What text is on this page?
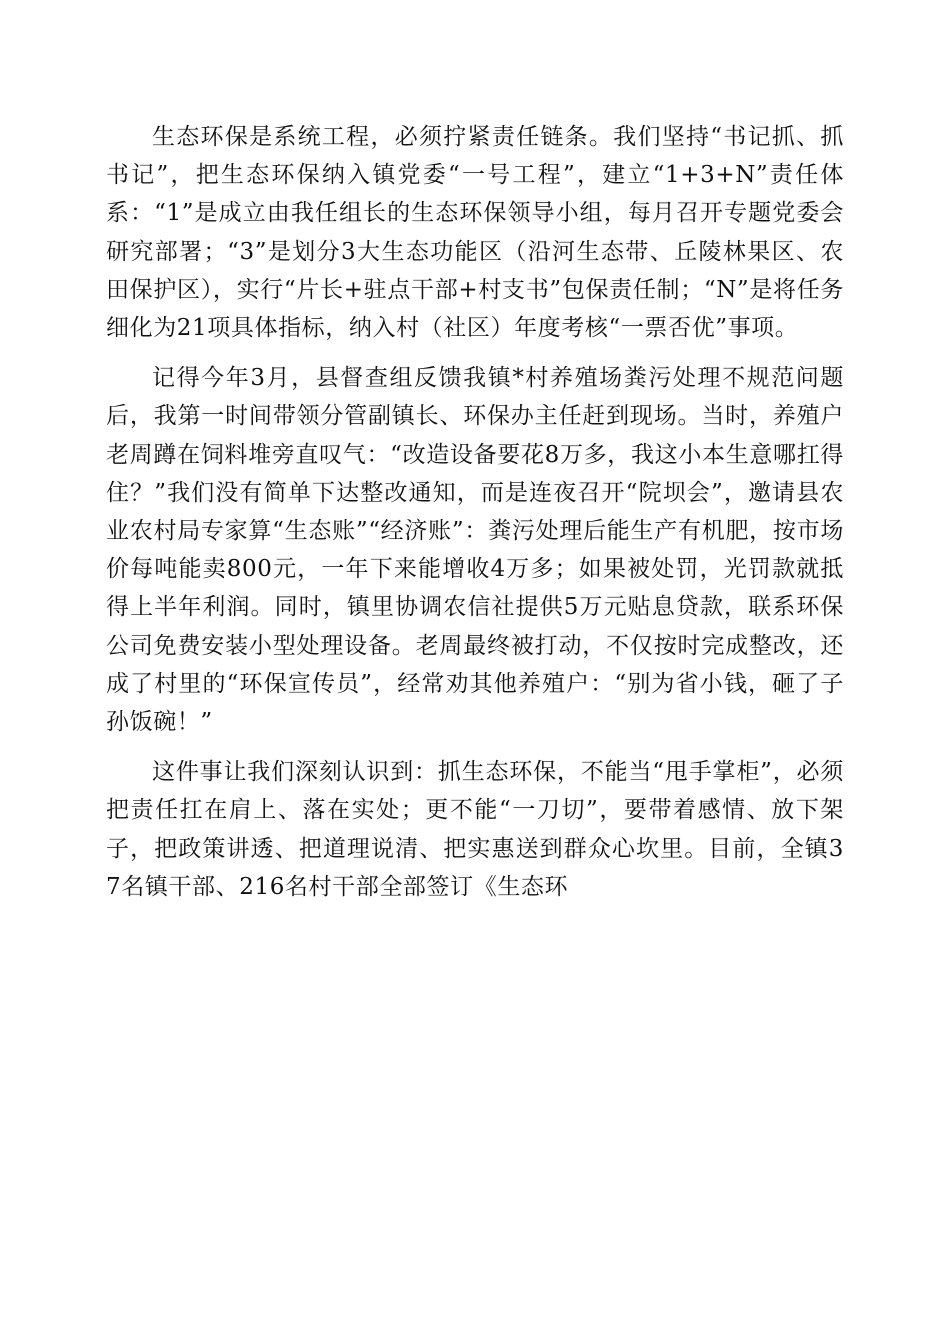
生态环保是系统工程，必须拧紧责任链条。我们坚持“书记抓、抓书记”，把生态环保纳入镇党委“一号工程”，建立“1+3+N”责任体系：“1”是成立由我任组长的生态环保领导小组，每月召开专题党委会研究部署；“3”是划分3大生态功能区（沿河生态带、丘陵林果区、农田保护区），实行“片长+驻点干部+村支书”包保责任制；“N”是将任务细化为21项具体指标，纳入村（社区）年度考核“一票否优”事项。

记得今年3月，县督查组反馈我镇*村养殖场粪污处理不规范问题后，我第一时间带领分管副镇长、环保办主任赶到现场。当时，养殖户老周蹲在饲料堆旁直叹气：“改造设备要花8万多，我这小本生意哪扛得住？”我们没有简单下达整改通知，而是连夜召开“院坝会”，邀请县农业农村局专家算“生态账”“经济账”：粪污处理后能生产有机肥，按市场价每吨能卖800元，一年下来能增收4万多；如果被处罚，光罚款就抵得上半年利润。同时，镇里协调农信社提供5万元贴息贷款，联系环保公司免费安装小型处理设备。老周最终被打动，不仅按时完成整改，还成了村里的“环保宣传员”，经常劝其他养殖户：“别为省小钱，砸了子孙饭碗！”

这件事让我们深刻认识到：抓生态环保，不能当“甩手掌柜”，必须把责任扛在肩上、落在实处；更不能“一刀切”，要带着感情、放下架子，把政策讲透、把道理说清、把实惠送到群众心坎里。目前，全镇37名镇干部、216名村干部全部签订《生态环
